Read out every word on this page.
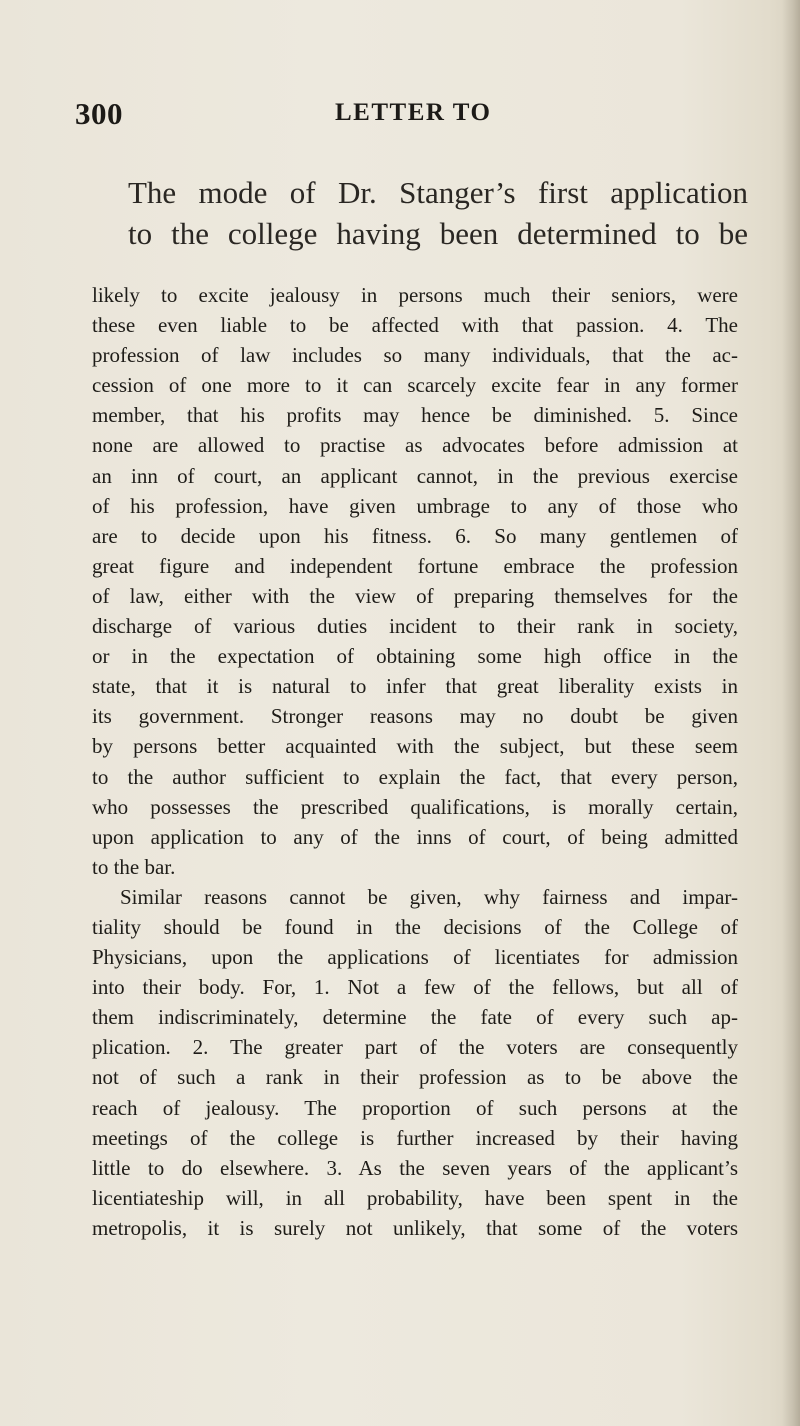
300	LETTER TO
The mode of Dr. Stanger’s first application
to the college having been determined to be
likely to excite jealousy in persons much their seniors, were
these even liable to be affected with that passion. 4. The
profession of law includes so many individuals, that the ac-
cession of one more to it can scarcely excite fear in any former
member, that his profits may hence be diminished. 5. Since
none are allowed to practise as advocates before admission at
an inn of court, an applicant cannot, in the previous exercise
of his profession, have given umbrage to any of those who
are to decide upon his fitness. 6. So many gentlemen of
great figure and independent fortune embrace the profession
of law, either with the view of preparing themselves for the
discharge of various duties incident to their rank in society,
or in the expectation of obtaining some high office in the
state, that it is natural to infer that great liberality exists in
its government. Stronger reasons may no doubt be given
by persons better acquainted with the subject, but these seem
to the author sufficient to explain the fact, that every person,
who possesses the prescribed qualifications, is morally certain,
upon application to any of the inns of court, of being admitted
to the bar.
Similar reasons cannot be given, why fairness and impar-
tiality should be found in the decisions of the College of
Physicians, upon the applications of licentiates for admission
into their body. For, 1. Not a few of the fellows, but all of
them indiscriminately, determine the fate of every such ap-
plication. 2. The greater part of the voters are consequently
not of such a rank in their profession as to be above the
reach of jealousy. The proportion of such persons at the
meetings of the college is further increased by their having
little to do elsewhere. 3. As the seven years of the applicant’s
licentiateship will, in all probability, have been spent in the
metropolis, it is surely not unlikely, that some of the voters
